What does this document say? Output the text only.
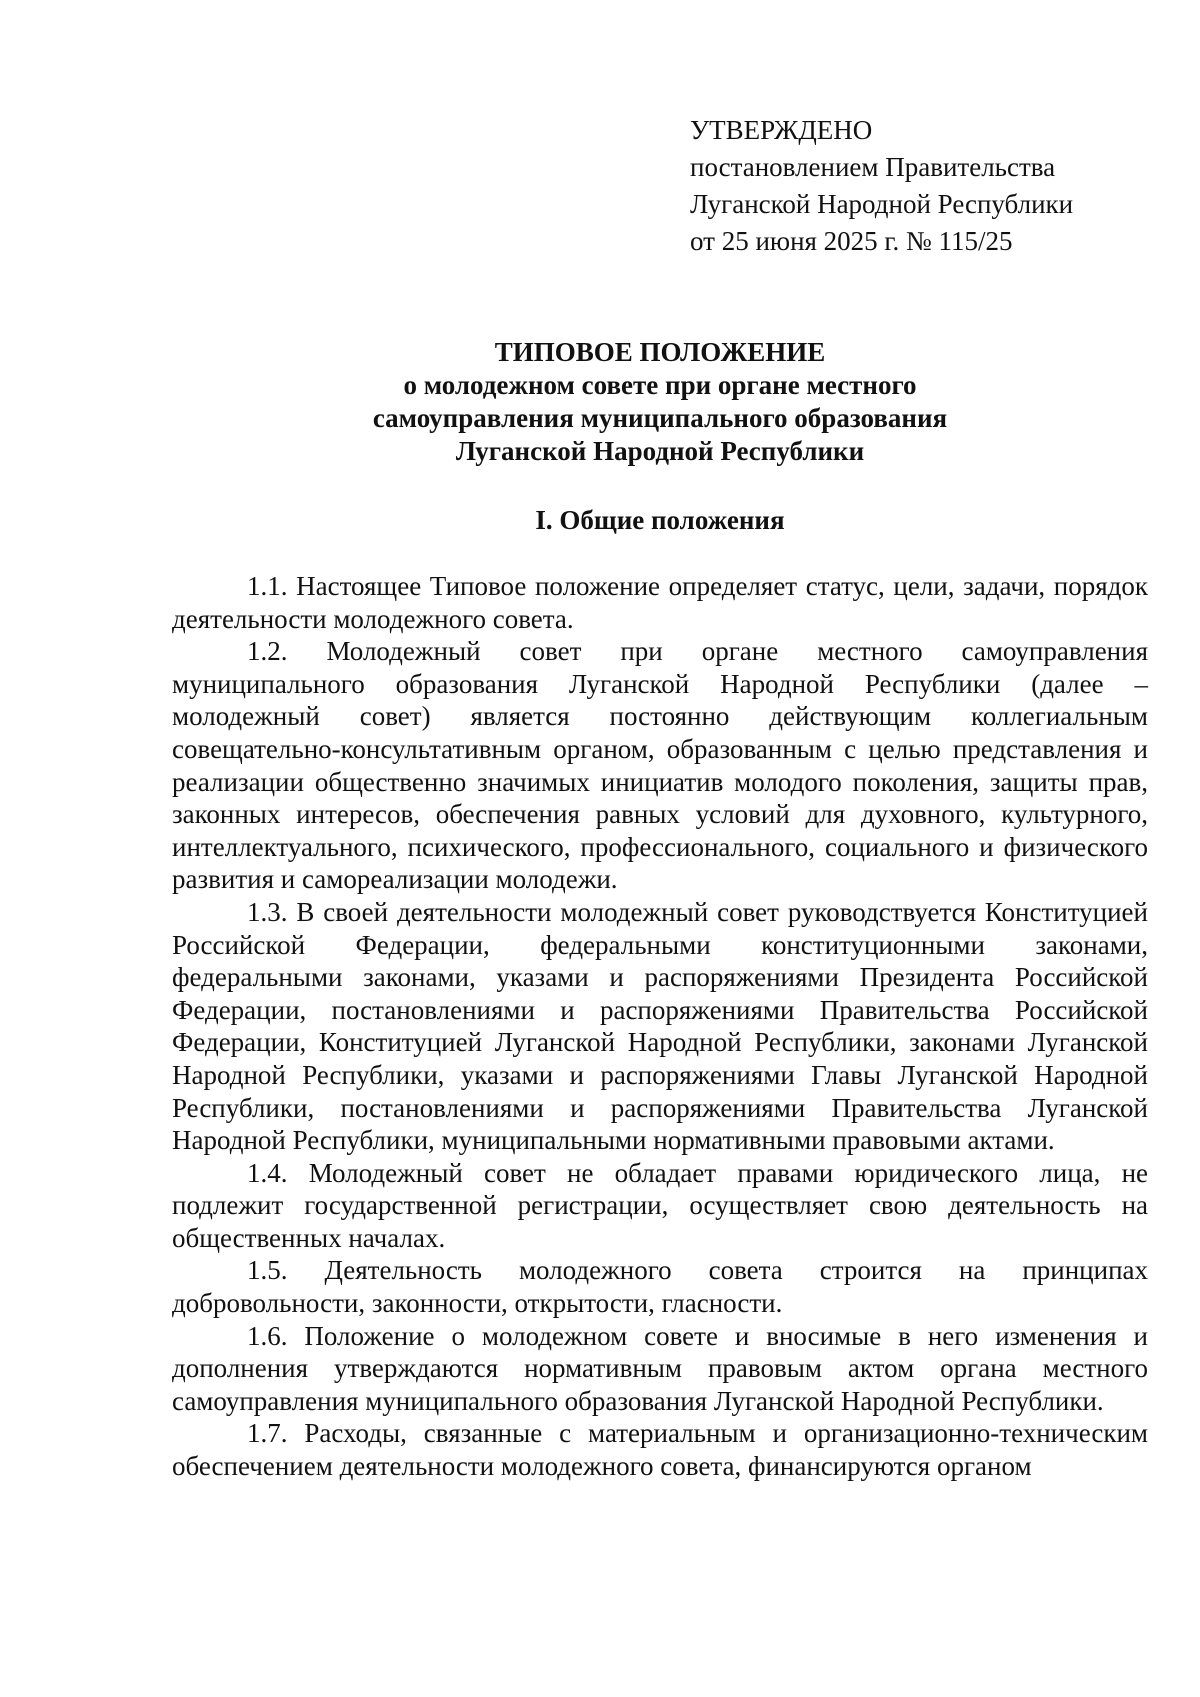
УТВЕРЖДЕНО
постановлением Правительства
Луганской Народной Республики
от 25 июня 2025 г. № 115/25
ТИПОВОЕ ПОЛОЖЕНИЕ
о молодежном совете при органе местного
самоуправления муниципального образования
Луганской Народной Республики
I. Общие положения

1.1. Настоящее Типовое положение определяет статус, цели, задачи, порядок деятельности молодежного совета.

1.2. Молодежный совет при органе местного самоуправления муниципального образования Луганской Народной Республики (далее – молодежный совет) является постоянно действующим коллегиальным совещательно-консультативным органом, образованным с целью представления и реализации общественно значимых инициатив молодого поколения, защиты прав, законных интересов, обеспечения равных условий для духовного, культурного, интеллектуального, психического, профессионального, социального и физического развития и самореализации молодежи.

1.3. В своей деятельности молодежный совет руководствуется Конституцией Российской Федерации, федеральными конституционными законами, федеральными законами, указами и распоряжениями Президента Российской Федерации, постановлениями и распоряжениями Правительства Российской Федерации, Конституцией Луганской Народной Республики, законами Луганской Народной Республики, указами и распоряжениями Главы Луганской Народной Республики, постановлениями и распоряжениями Правительства Луганской Народной Республики, муниципальными нормативными правовыми актами.

1.4. Молодежный совет не обладает правами юридического лица, не подлежит государственной регистрации, осуществляет свою деятельность на общественных началах.

1.5. Деятельность молодежного совета строится на принципах добровольности, законности, открытости, гласности.

1.6. Положение о молодежном совете и вносимые в него изменения и дополнения утверждаются нормативным правовым актом органа местного самоуправления муниципального образования Луганской Народной Республики.

1.7. Расходы, связанные с материальным и организационно-техническим обеспечением деятельности молодежного совета, финансируются органом
